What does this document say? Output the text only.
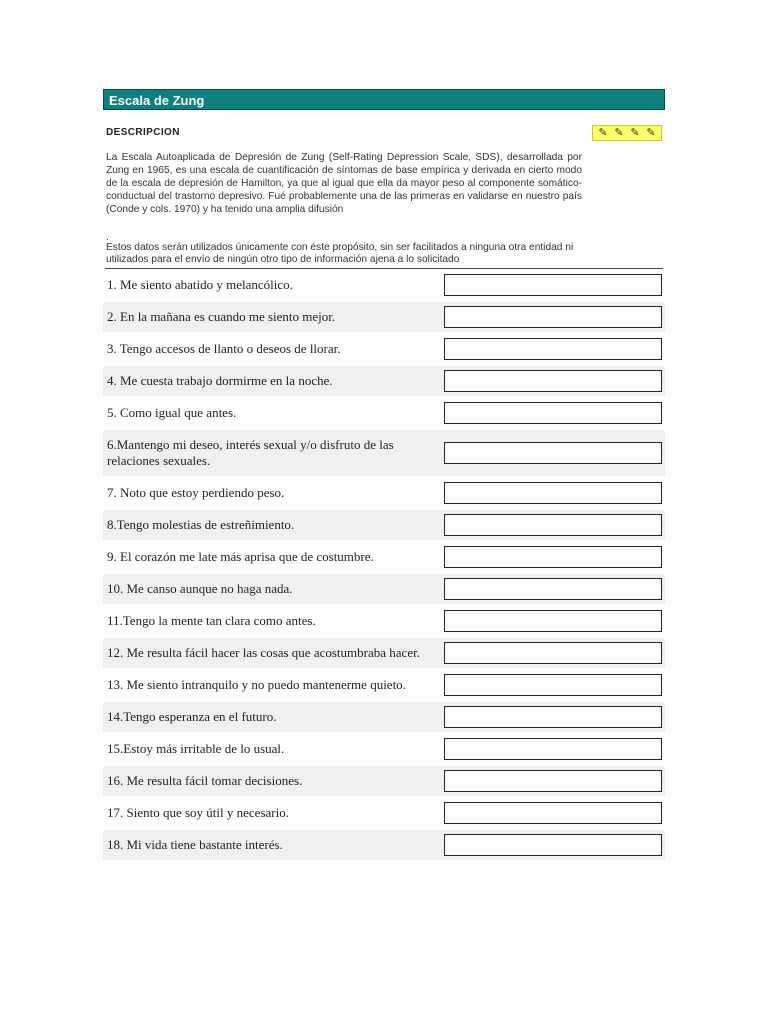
Escala de Zung
DESCRIPCION	✎ ✎ ✎ ✎
La Escala Autoaplicada de Depresión de Zung (Self-Rating Depression Scale, SDS), desarrollada por Zung en 1965, es una escala de cuantificación de síntomas de base empírica y derivada en cierto modo de la escala de depresión de Hamilton, ya que al igual que ella da mayor peso al componente somático-conductual del trastorno depresivo. Fué probablemente una de las primeras en validarse en nuestro país (Conde y cols. 1970) y ha tenido una amplia difusión
.
Estos datos serán utilizados únicamente con éste propósito, sin ser facilitados a ninguna otra entidad ni utilizados para el envío de ningún otro tipo de información ajena a lo solicitado
1. Me siento abatido y melancólico.
2. En la mañana es cuando me siento mejor.
3. Tengo accesos de llanto o deseos de llorar.
4. Me cuesta trabajo dormirme en la noche.
5. Como igual que antes.
6.Mantengo mi deseo, interés sexual y/o disfruto de las relaciones sexuales.
7. Noto que estoy perdiendo peso.
8.Tengo molestias de estreñimiento.
9. El corazón me late más aprisa que de costumbre.
10. Me canso aunque no haga nada.
11.Tengo la mente tan clara como antes.
12. Me resulta fácil hacer las cosas que acostumbraba hacer.
13. Me siento intranquilo y no puedo mantenerme quieto.
14.Tengo esperanza en el futuro.
15.Estoy más irritable de lo usual.
16. Me resulta fácil tomar decisiones.
17. Siento que soy útil y necesario.
18. Mi vida tiene bastante interés.
